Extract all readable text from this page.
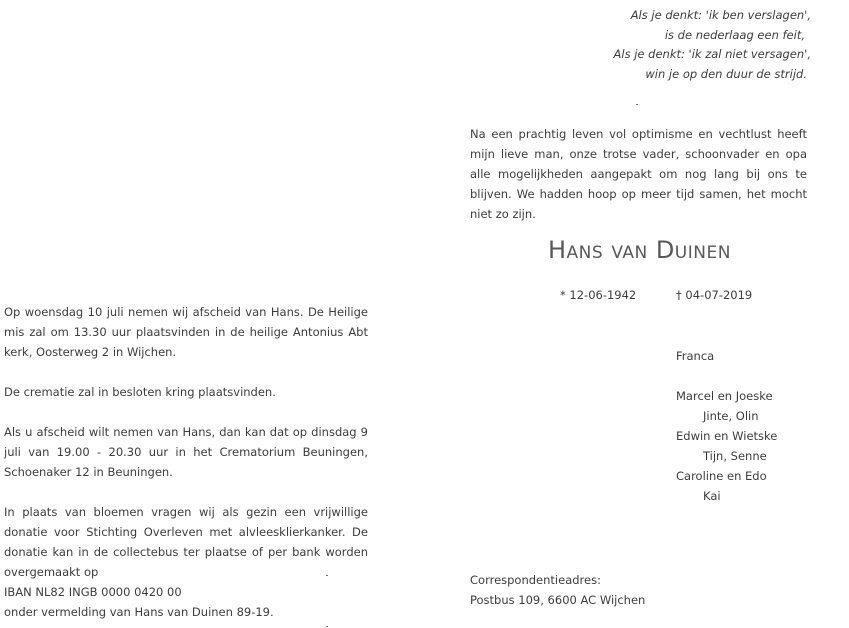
Als je denkt: 'ik ben verslagen',
is de nederlaag een feit,
Als je denkt: 'ik zal niet versagen',
win je op den duur de strijd.
Na een prachtig leven vol optimisme en vechtlust heeft mijn lieve man, onze trotse vader, schoonvader en opa alle mogelijkheden aangepakt om nog lang bij ons te blijven. We hadden hoop op meer tijd samen, het mocht niet zo zijn.
Hans van Duinen
* 12-06-1942	† 04-07-2019
Franca
Marcel en Joeske
Jinte, Olin
Edwin en Wietske
Tijn, Senne
Caroline en Edo
Kai

Op woensdag 10 juli nemen wij afscheid van Hans. De Heilige mis zal om 13.30 uur plaatsvinden in de heilige Antonius Abt kerk, Oosterweg 2 in Wijchen.

De crematie zal in besloten kring plaatsvinden.

Als u afscheid wilt nemen van Hans, dan kan dat op dinsdag 9 juli van 19.00 - 20.30 uur in het Crematorium Beuningen, Schoenaker 12 in Beuningen.

In plaats van bloemen vragen wij als gezin een vrijwillige donatie voor Stichting Overleven met alvleesklierkanker. De donatie kan in de collectebus ter plaatse of per bank worden overgemaakt op

IBAN NL82 INGB 0000 0420 00
onder vermelding van Hans van Duinen 89-19.
Correspondentieadres:
Postbus 109, 6600 AC Wijchen
